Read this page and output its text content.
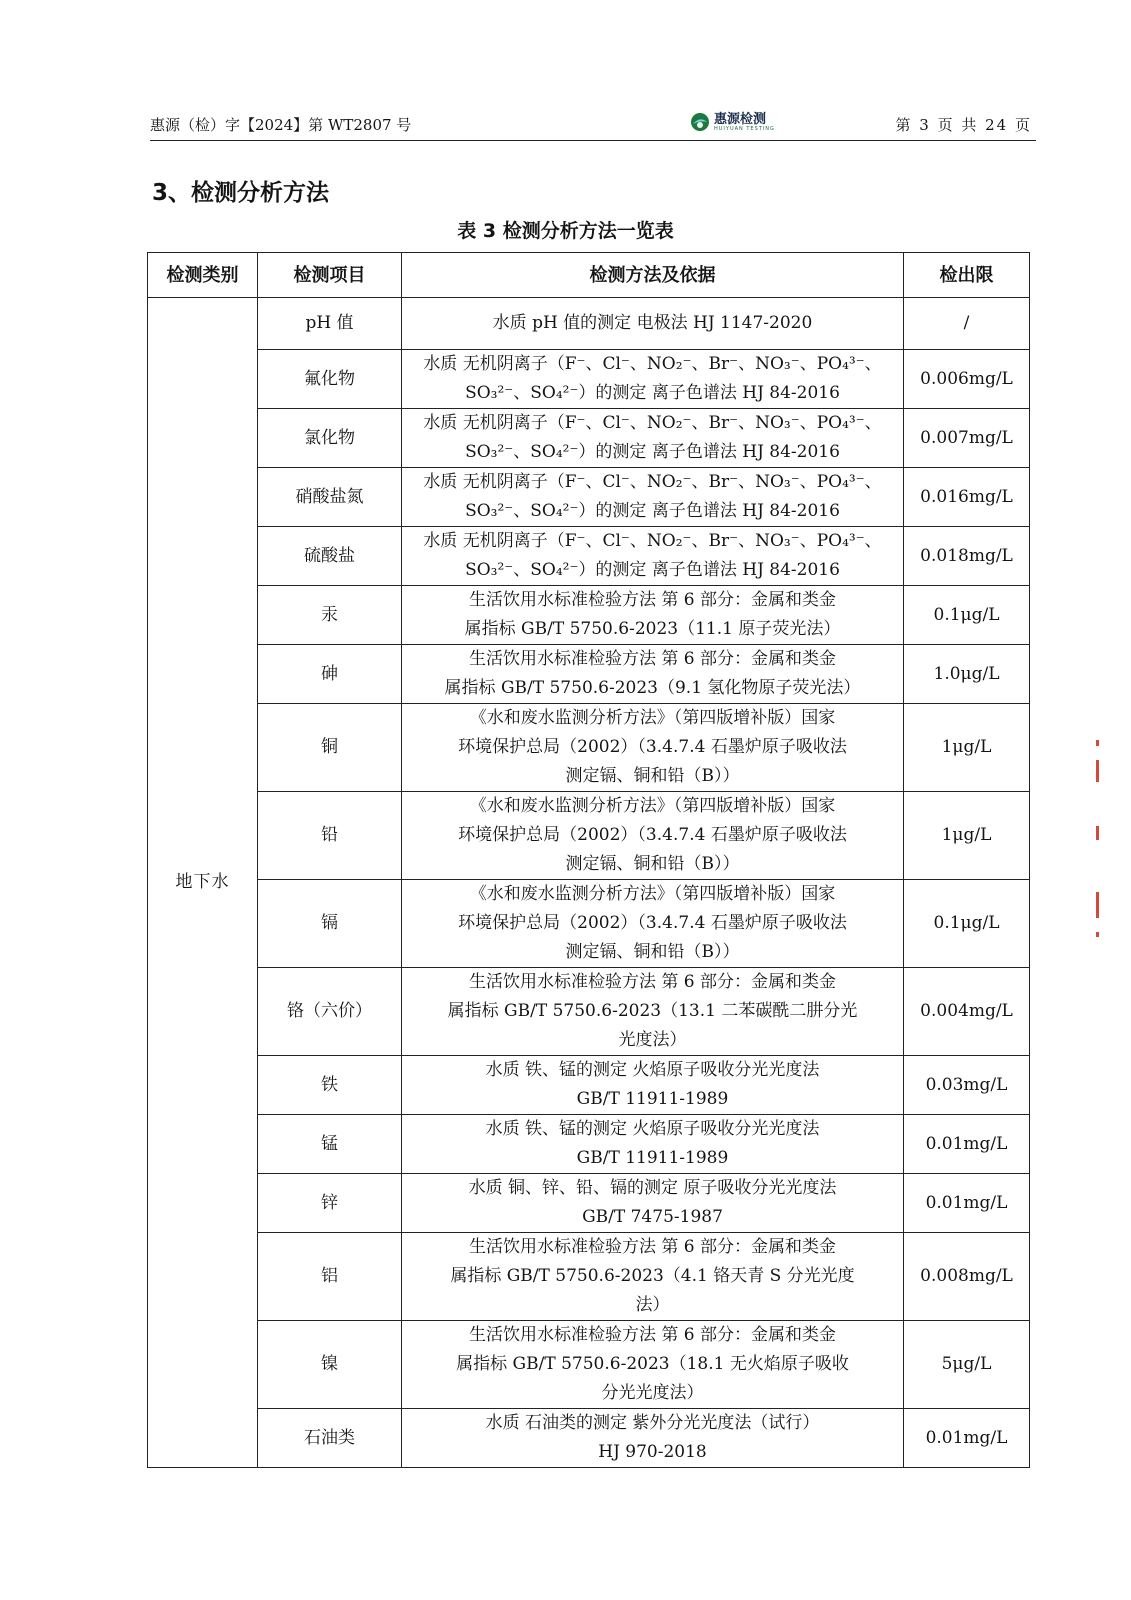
惠源（检）字【2024】第 WT2807 号	惠源检测
HUIYUAN TESTING	第 3 页 共 24 页
3、检测分析方法
表 3 检测分析方法一览表
检测类别	检测项目	检测方法及依据	检出限
地下水	pH 值	水质 pH 值的测定 电极法 HJ 1147-2020	/
	氟化物	水质 无机阴离子（F⁻、Cl⁻、NO₂⁻、Br⁻、NO₃⁻、PO₄³⁻、
SO₃²⁻、SO₄²⁻）的测定 离子色谱法 HJ 84-2016	0.006mg/L
	氯化物	水质 无机阴离子（F⁻、Cl⁻、NO₂⁻、Br⁻、NO₃⁻、PO₄³⁻、
SO₃²⁻、SO₄²⁻）的测定 离子色谱法 HJ 84-2016	0.007mg/L
	硝酸盐氮	水质 无机阴离子（F⁻、Cl⁻、NO₂⁻、Br⁻、NO₃⁻、PO₄³⁻、
SO₃²⁻、SO₄²⁻）的测定 离子色谱法 HJ 84-2016	0.016mg/L
	硫酸盐	水质 无机阴离子（F⁻、Cl⁻、NO₂⁻、Br⁻、NO₃⁻、PO₄³⁻、
SO₃²⁻、SO₄²⁻）的测定 离子色谱法 HJ 84-2016	0.018mg/L
	汞	生活饮用水标准检验方法 第 6 部分：金属和类金
属指标 GB/T 5750.6-2023（11.1 原子荧光法）	0.1μg/L
	砷	生活饮用水标准检验方法 第 6 部分：金属和类金
属指标 GB/T 5750.6-2023（9.1 氢化物原子荧光法）	1.0μg/L
	铜	《水和废水监测分析方法》（第四版增补版）国家
环境保护总局（2002）（3.4.7.4 石墨炉原子吸收法
测定镉、铜和铅（B））	1μg/L
	铅	《水和废水监测分析方法》（第四版增补版）国家
环境保护总局（2002）（3.4.7.4 石墨炉原子吸收法
测定镉、铜和铅（B））	1μg/L
	镉	《水和废水监测分析方法》（第四版增补版）国家
环境保护总局（2002）（3.4.7.4 石墨炉原子吸收法
测定镉、铜和铅（B））	0.1μg/L
	铬（六价）	生活饮用水标准检验方法 第 6 部分：金属和类金
属指标 GB/T 5750.6-2023（13.1 二苯碳酰二肼分光
光度法）	0.004mg/L
	铁	水质 铁、锰的测定 火焰原子吸收分光光度法
GB/T 11911-1989	0.03mg/L
	锰	水质 铁、锰的测定 火焰原子吸收分光光度法
GB/T 11911-1989	0.01mg/L
	锌	水质 铜、锌、铅、镉的测定 原子吸收分光光度法
GB/T 7475-1987	0.01mg/L
	铝	生活饮用水标准检验方法 第 6 部分：金属和类金
属指标 GB/T 5750.6-2023（4.1 铬天青 S 分光光度
法）	0.008mg/L
	镍	生活饮用水标准检验方法 第 6 部分：金属和类金
属指标 GB/T 5750.6-2023（18.1 无火焰原子吸收
分光光度法）	5μg/L
	石油类	水质 石油类的测定 紫外分光光度法（试行）
HJ 970-2018	0.01mg/L
